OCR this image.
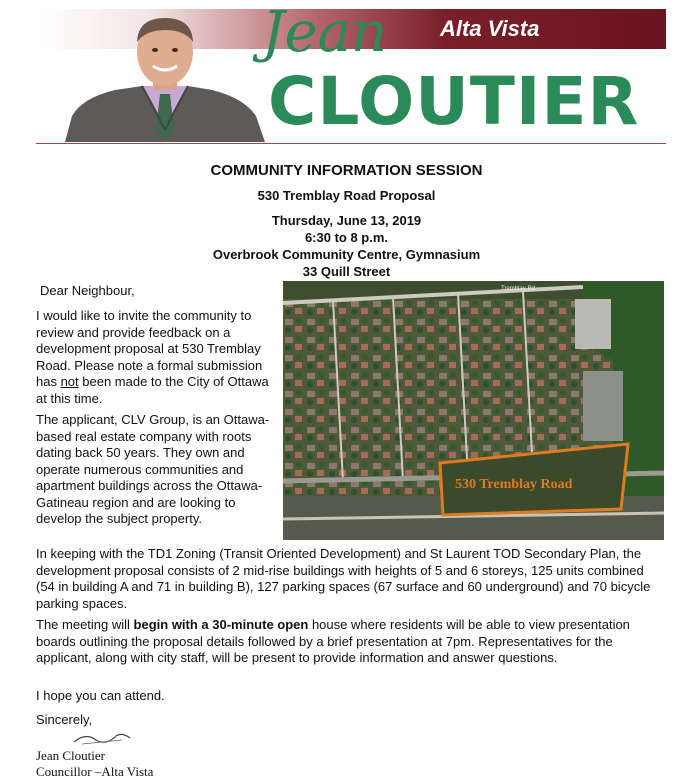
Alta Vista
Jean
CLOUTIER
COMMUNITY INFORMATION SESSION
530 Tremblay Road Proposal
Thursday, June 13, 2019
6:30 to 8 p.m.
Overbrook Community Centre, Gymnasium
33 Quill Street
Dear Neighbour,
I would like to invite the community to review and provide feedback on a development proposal at 530 Tremblay Road. Please note a formal submission has not been made to the City of Ottawa at this time.
The applicant, CLV Group, is an Ottawa-based real estate company with roots dating back 50 years. They own and operate numerous communities and apartment buildings across the Ottawa-Gatineau region and are looking to develop the subject property.
530 Tremblay Road
Tremblay Rd
In keeping with the TD1 Zoning (Transit Oriented Development) and St Laurent TOD Secondary Plan, the development proposal consists of 2 mid-rise buildings with heights of 5 and 6 storeys, 125 units combined (54 in building A and 71 in building B), 127 parking spaces (67 surface and 60 underground) and 70 bicycle parking spaces.
The meeting will begin with a 30-minute open house where residents will be able to view presentation boards outlining the proposal details followed by a brief presentation at 7pm. Representatives for the applicant, along with city staff, will be present to provide information and answer questions.
I hope you can attend.
Sincerely,
Jean Cloutier
Councillor –Alta Vista
